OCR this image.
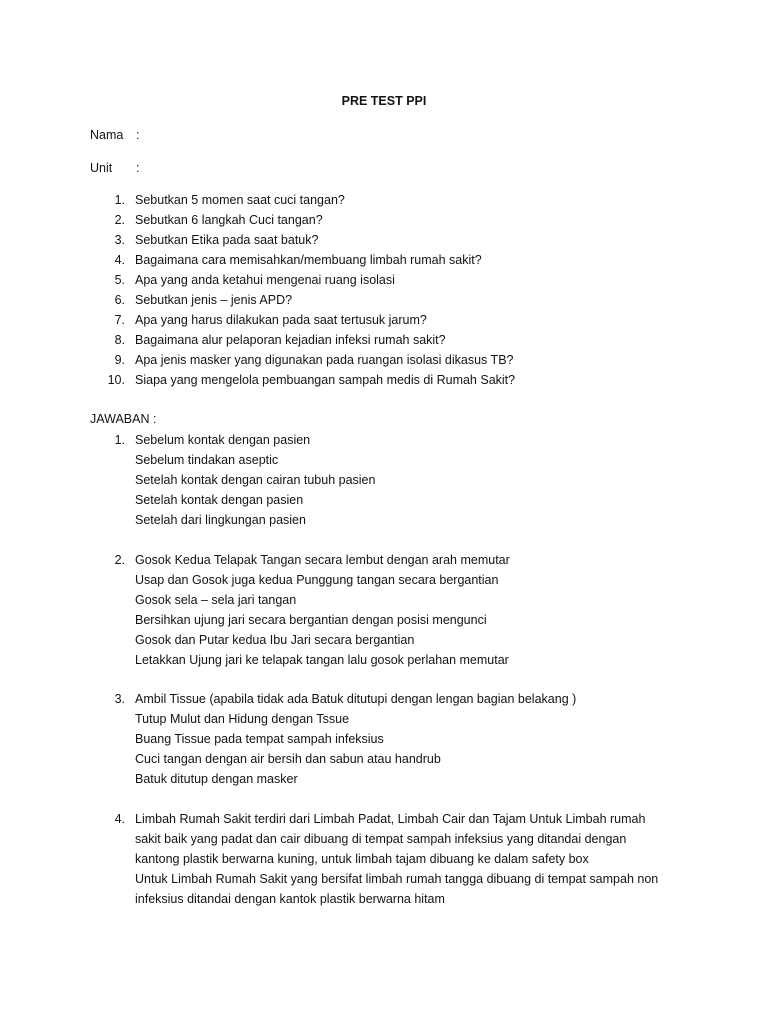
PRE TEST PPI
Nama :
Unit :
1. Sebutkan 5 momen saat cuci tangan?
2. Sebutkan 6 langkah Cuci tangan?
3. Sebutkan Etika pada saat batuk?
4. Bagaimana cara memisahkan/membuang limbah rumah sakit?
5. Apa yang anda ketahui mengenai ruang isolasi
6. Sebutkan jenis – jenis APD?
7. Apa yang harus dilakukan pada saat tertusuk jarum?
8. Bagaimana alur pelaporan kejadian infeksi rumah sakit?
9. Apa jenis masker yang digunakan pada ruangan isolasi dikasus TB?
10. Siapa yang mengelola pembuangan sampah medis di Rumah Sakit?
JAWABAN :
1. Sebelum kontak dengan pasien
Sebelum tindakan aseptic
Setelah kontak dengan cairan tubuh pasien
Setelah kontak dengan pasien
Setelah dari lingkungan pasien
2. Gosok Kedua Telapak Tangan secara lembut dengan arah memutar
Usap dan Gosok juga kedua Punggung tangan secara bergantian
Gosok sela – sela jari tangan
Bersihkan ujung jari secara bergantian dengan posisi mengunci
Gosok dan Putar kedua Ibu Jari secara bergantian
Letakkan Ujung jari ke telapak tangan lalu gosok perlahan memutar
3. Ambil Tissue (apabila tidak ada Batuk ditutupi dengan lengan bagian belakang )
Tutup Mulut dan Hidung dengan Tssue
Buang Tissue pada tempat sampah infeksius
Cuci tangan dengan air bersih dan sabun atau handrub
Batuk ditutup dengan masker
4. Limbah Rumah Sakit terdiri dari Limbah Padat, Limbah Cair dan Tajam Untuk Limbah rumah
sakit baik yang padat dan cair dibuang di tempat sampah infeksius yang ditandai dengan
kantong plastik berwarna kuning, untuk limbah tajam dibuang ke dalam safety box
Untuk Limbah Rumah Sakit yang bersifat limbah rumah tangga dibuang di tempat sampah non
infeksius ditandai dengan kantok plastik berwarna hitam
